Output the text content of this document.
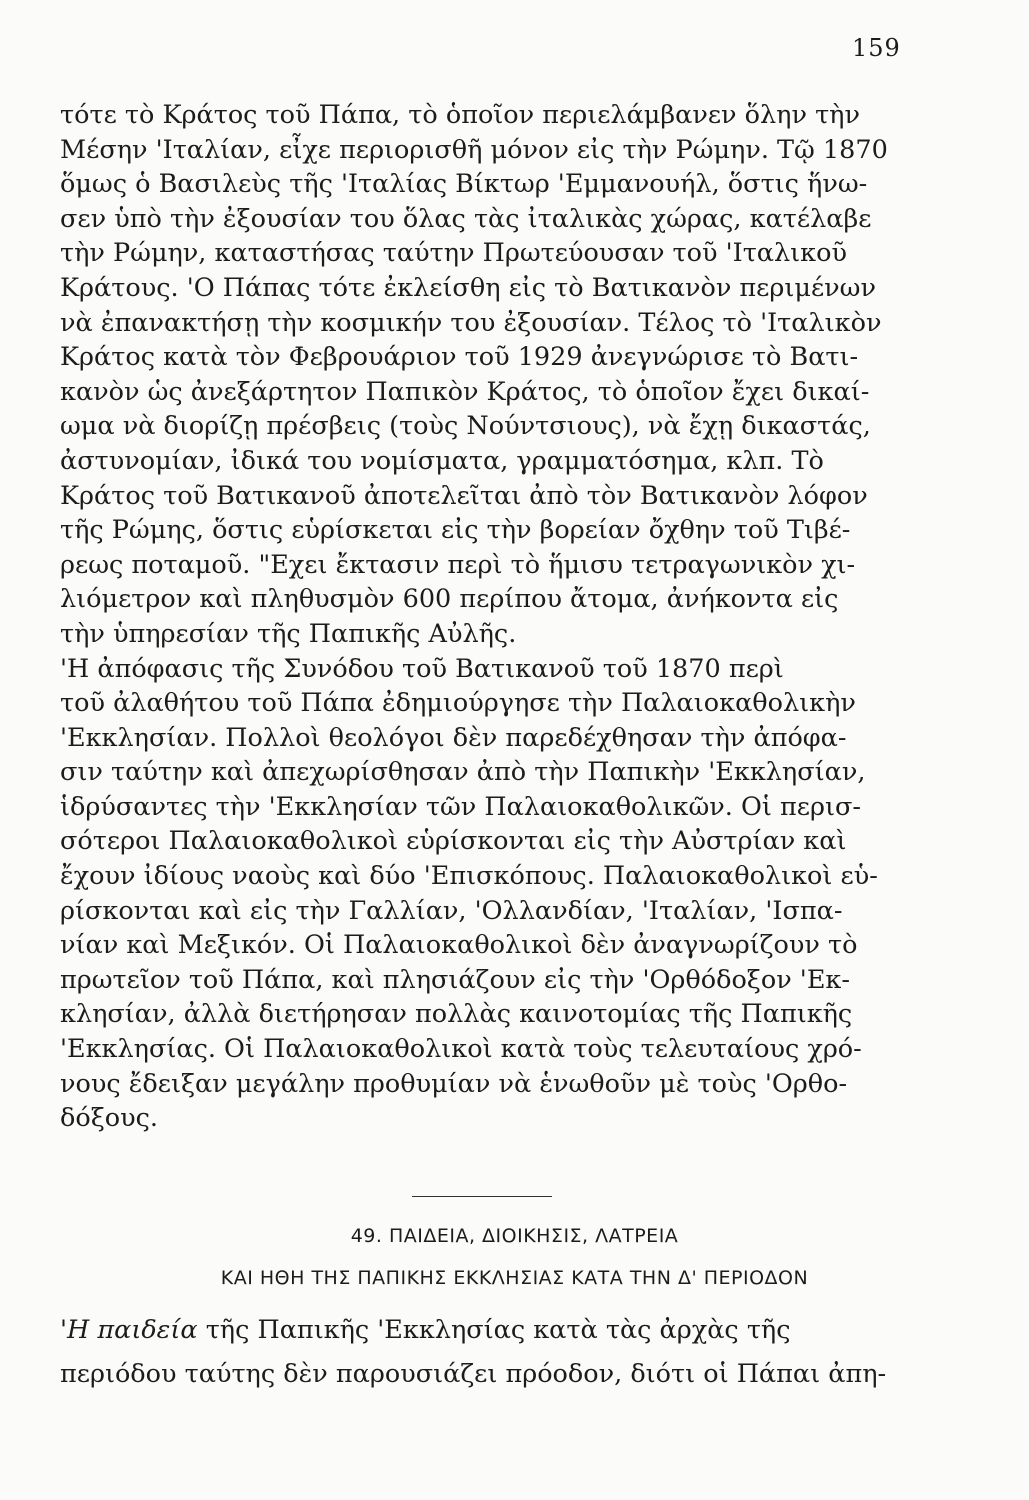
159
τότε τὸ Κράτος τοῦ Πάπα, τὸ ὁποῖον περιελάμβανεν ὅλην τὴν
Μέσην 'Ιταλίαν, εἶχε περιορισθῆ μόνον εἰς τὴν Ρώμην. Τῷ 1870
ὅμως ὁ Βασιλεὺς τῆς 'Ιταλίας Βίκτωρ 'Εμμανουήλ, ὅστις ἥνω-
σεν ὑπὸ τὴν ἐξουσίαν του ὅλας τὰς ἰταλικὰς χώρας, κατέλαβε
τὴν Ρώμην, καταστήσας ταύτην Πρωτεύουσαν τοῦ 'Ιταλικοῦ
Κράτους. 'Ο Πάπας τότε ἐκλείσθη εἰς τὸ Βατικανὸν περιμένων
νὰ ἐπανακτήσῃ τὴν κοσμικήν του ἐξουσίαν. Τέλος τὸ 'Ιταλικὸν
Κράτος κατὰ τὸν Φεβρουάριον τοῦ 1929 ἀνεγνώρισε τὸ Βατι-
κανὸν ὡς ἀνεξάρτητον Παπικὸν Κράτος, τὸ ὁποῖον ἔχει δικαί-
ωμα νὰ διορίζῃ πρέσβεις (τοὺς Νούντσιους), νὰ ἔχῃ δικαστάς,
ἀστυνομίαν, ἰδικά του νομίσματα, γραμματόσημα, κλπ. Τὸ
Κράτος τοῦ Βατικανοῦ ἀποτελεῖται ἀπὸ τὸν Βατικανὸν λόφον
τῆς Ρώμης, ὅστις εὑρίσκεται εἰς τὴν βορείαν ὄχθην τοῦ Τιβέ-
ρεως ποταμοῦ. "Εχει ἔκτασιν περὶ τὸ ἥμισυ τετραγωνικὸν χι-
λιόμετρον καὶ πληθυσμὸν 600 περίπου ἄτομα, ἀνήκοντα εἰς
τὴν ὑπηρεσίαν τῆς Παπικῆς Αὐλῆς.
'Η ἀπόφασις τῆς Συνόδου τοῦ Βατικανοῦ τοῦ 1870 περὶ
τοῦ ἀλαθήτου τοῦ Πάπα ἐδημιούργησε τὴν Παλαιοκαθολικὴν
'Εκκλησίαν. Πολλοὶ θεολόγοι δὲν παρεδέχθησαν τὴν ἀπόφα-
σιν ταύτην καὶ ἀπεχωρίσθησαν ἀπὸ τὴν Παπικὴν 'Εκκλησίαν,
ἱδρύσαντες τὴν 'Εκκλησίαν τῶν Παλαιοκαθολικῶν. Οἱ περισ-
σότεροι Παλαιοκαθολικοὶ εὑρίσκονται εἰς τὴν Αὐστρίαν καὶ
ἔχουν ἰδίους ναοὺς καὶ δύο 'Επισκόπους. Παλαιοκαθολικοὶ εὑ-
ρίσκονται καὶ εἰς τὴν Γαλλίαν, 'Ολλανδίαν, 'Ιταλίαν, 'Ισπα-
νίαν καὶ Μεξικόν. Οἱ Παλαιοκαθολικοὶ δὲν ἀναγνωρίζουν τὸ
πρωτεῖον τοῦ Πάπα, καὶ πλησιάζουν εἰς τὴν 'Ορθόδοξον 'Εκ-
κλησίαν, ἀλλὰ διετήρησαν πολλὰς καινοτομίας τῆς Παπικῆς
'Εκκλησίας. Οἱ Παλαιοκαθολικοὶ κατὰ τοὺς τελευταίους χρό-
νους ἔδειξαν μεγάλην προθυμίαν νὰ ἑνωθοῦν μὲ τοὺς 'Ορθο-
δόξους.
49. ΠΑΙΔΕΙΑ, ΔΙΟΙΚΗΣΙΣ, ΛΑΤΡΕΙΑ
ΚΑΙ ΗΘΗ ΤΗΣ ΠΑΠΙΚΗΣ ΕΚΚΛΗΣΙΑΣ ΚΑΤΑ ΤΗΝ Δ' ΠΕΡΙΟΔΟΝ
'Η παιδεία τῆς Παπικῆς 'Εκκλησίας κατὰ τὰς ἀρχὰς τῆς
περιόδου ταύτης δὲν παρουσιάζει πρόοδον, διότι οἱ Πάπαι ἀπη-
